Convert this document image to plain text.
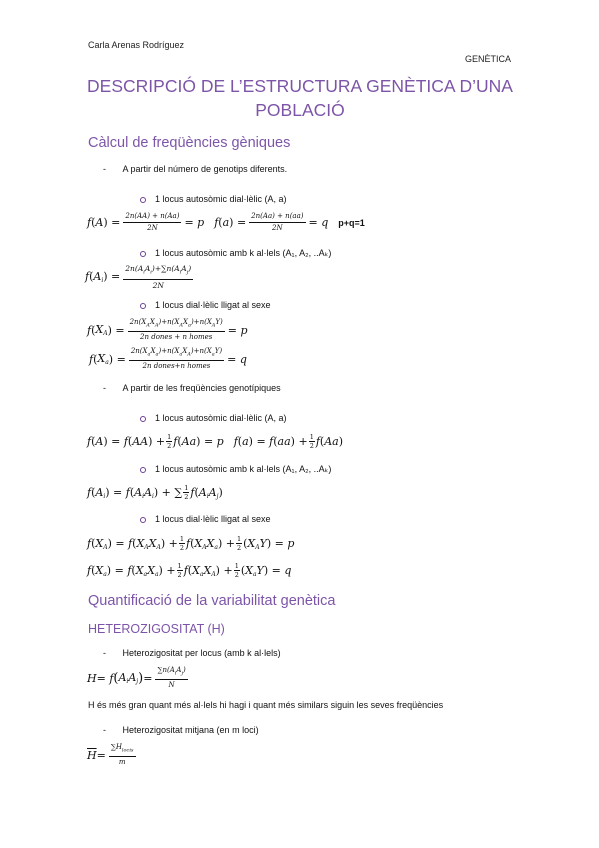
Carla Arenas Rodríguez
GENÈTICA
DESCRIPCIÓ DE L’ESTRUCTURA GENÈTICA D’UNA POBLACIÓ
Càlcul de freqüències gèniques
- A partir del número de genotips diferents.
1 locus autosòmic dial·lèlic (A, a)
f ( A ) = $\frac{2n(AA) + n(Aa)}{2N}$ =
p f ( a ) = $\frac{2n(Aa) + n(aa)}{2N}$ =
q p+q=1
1 locus autosòmic amb k al·lels (A₁, A₂, ..Aₖ)
f ( $A_i$ ) = $\frac{2n(A_iA_i)+\sum n(A_iA_j)}{2N}$
1 locus dial·lèlic lligat al sexe
f ( $X_A$ ) = $\frac{2n(X_AX_A)+n(X_AX_a)+n(X_AY)}{\text{2n dones + n homes}}$ =
p
f ( $X_a$ ) = $\frac{2n(X_aX_a)+n(X_aX_A)+n(X_aY)}{\text{2n dones+n homes}}$ =
q
- A partir de les freqüències genotípiques
1 locus autosòmic dial·lèlic (A, a)
f ( A ) =
f ( AA ) + $\frac{1}{2}$ f ( Aa ) =
p f ( a ) =
f ( aa ) + $\frac{1}{2}$ f ( Aa )
1 locus autosòmic amb k al·lels (A₁, A₂, ..Aₖ)
f ( $A_i$ ) =
f ( $A_iA_i$ ) + ∑ 1
2 f ( $A_iA_j$ )
1 locus dial·lèlic lligat al sexe
f ( $X_A$ ) =
f ( $X_AX_A$ ) + $\frac{1}{2}$ f ( $X_AX_a$ ) + $\frac{1}{2}$ ( $X_AY$ ) =
p
f ( $X_a$ ) =
f ( $X_aX_a$ ) + $\frac{1}{2}$ f ( $X_aX_A$ ) + $\frac{1}{2}$ ( $X_aY$ ) =
q
Quantificació de la variabilitat genètica
HETEROZIGOSITAT (H)
- Heterozigositat per locus (amb k al·lels)
H =
f ( $A_iA_j$ ) = $\frac{\sum n(A_iA_j)}{N}$
H és més gran quant més al·lels hi hagi i quant més similars siguin les seves freqüències
- Heterozigositat mitjana (en m loci)
$\overline{H} = \frac{\sum H_{locis}}{m}$
